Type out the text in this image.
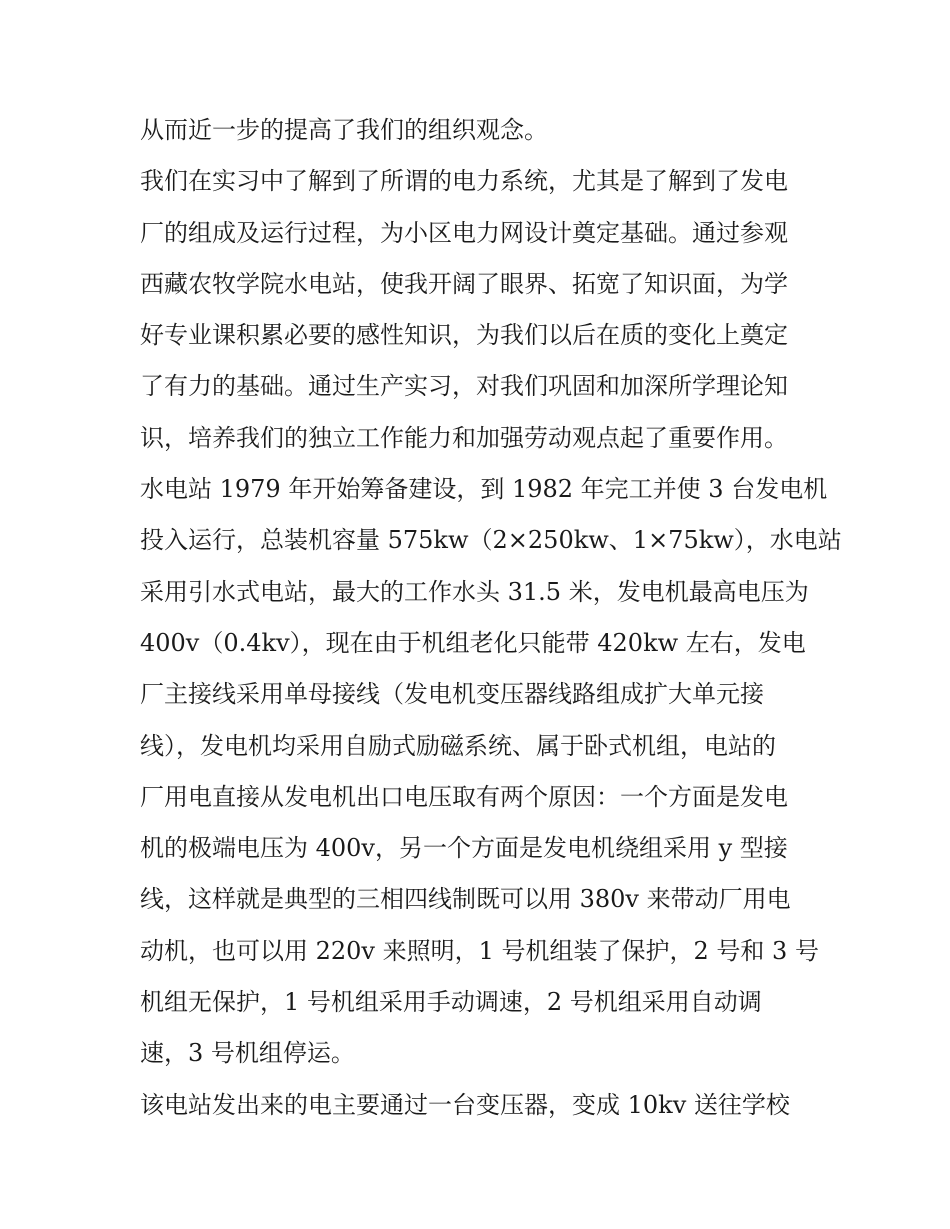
从而近一步的提高了我们的组织观念。
我们在实习中了解到了所谓的电力系统，尤其是了解到了发电
厂的组成及运行过程，为小区电力网设计奠定基础。通过参观
西藏农牧学院水电站，使我开阔了眼界、拓宽了知识面，为学
好专业课积累必要的感性知识，为我们以后在质的变化上奠定
了有力的基础。通过生产实习，对我们巩固和加深所学理论知
识，培养我们的独立工作能力和加强劳动观点起了重要作用。
水电站 1979 年开始筹备建设，到 1982 年完工并使 3 台发电机
投入运行，总装机容量 575kw（2×250kw、1×75kw），水电站
采用引水式电站，最大的工作水头 31.5 米，发电机最高电压为
400v（0.4kv），现在由于机组老化只能带 420kw 左右，发电
厂主接线采用单母接线（发电机变压器线路组成扩大单元接
线），发电机均采用自励式励磁系统、属于卧式机组，电站的
厂用电直接从发电机出口电压取有两个原因：一个方面是发电
机的极端电压为 400v，另一个方面是发电机绕组采用 y 型接
线，这样就是典型的三相四线制既可以用 380v 来带动厂用电
动机，也可以用 220v 来照明，1 号机组装了保护，2 号和 3 号
机组无保护，1 号机组采用手动调速，2 号机组采用自动调
速，3 号机组停运。
该电站发出来的电主要通过一台变压器，变成 10kv 送往学校
